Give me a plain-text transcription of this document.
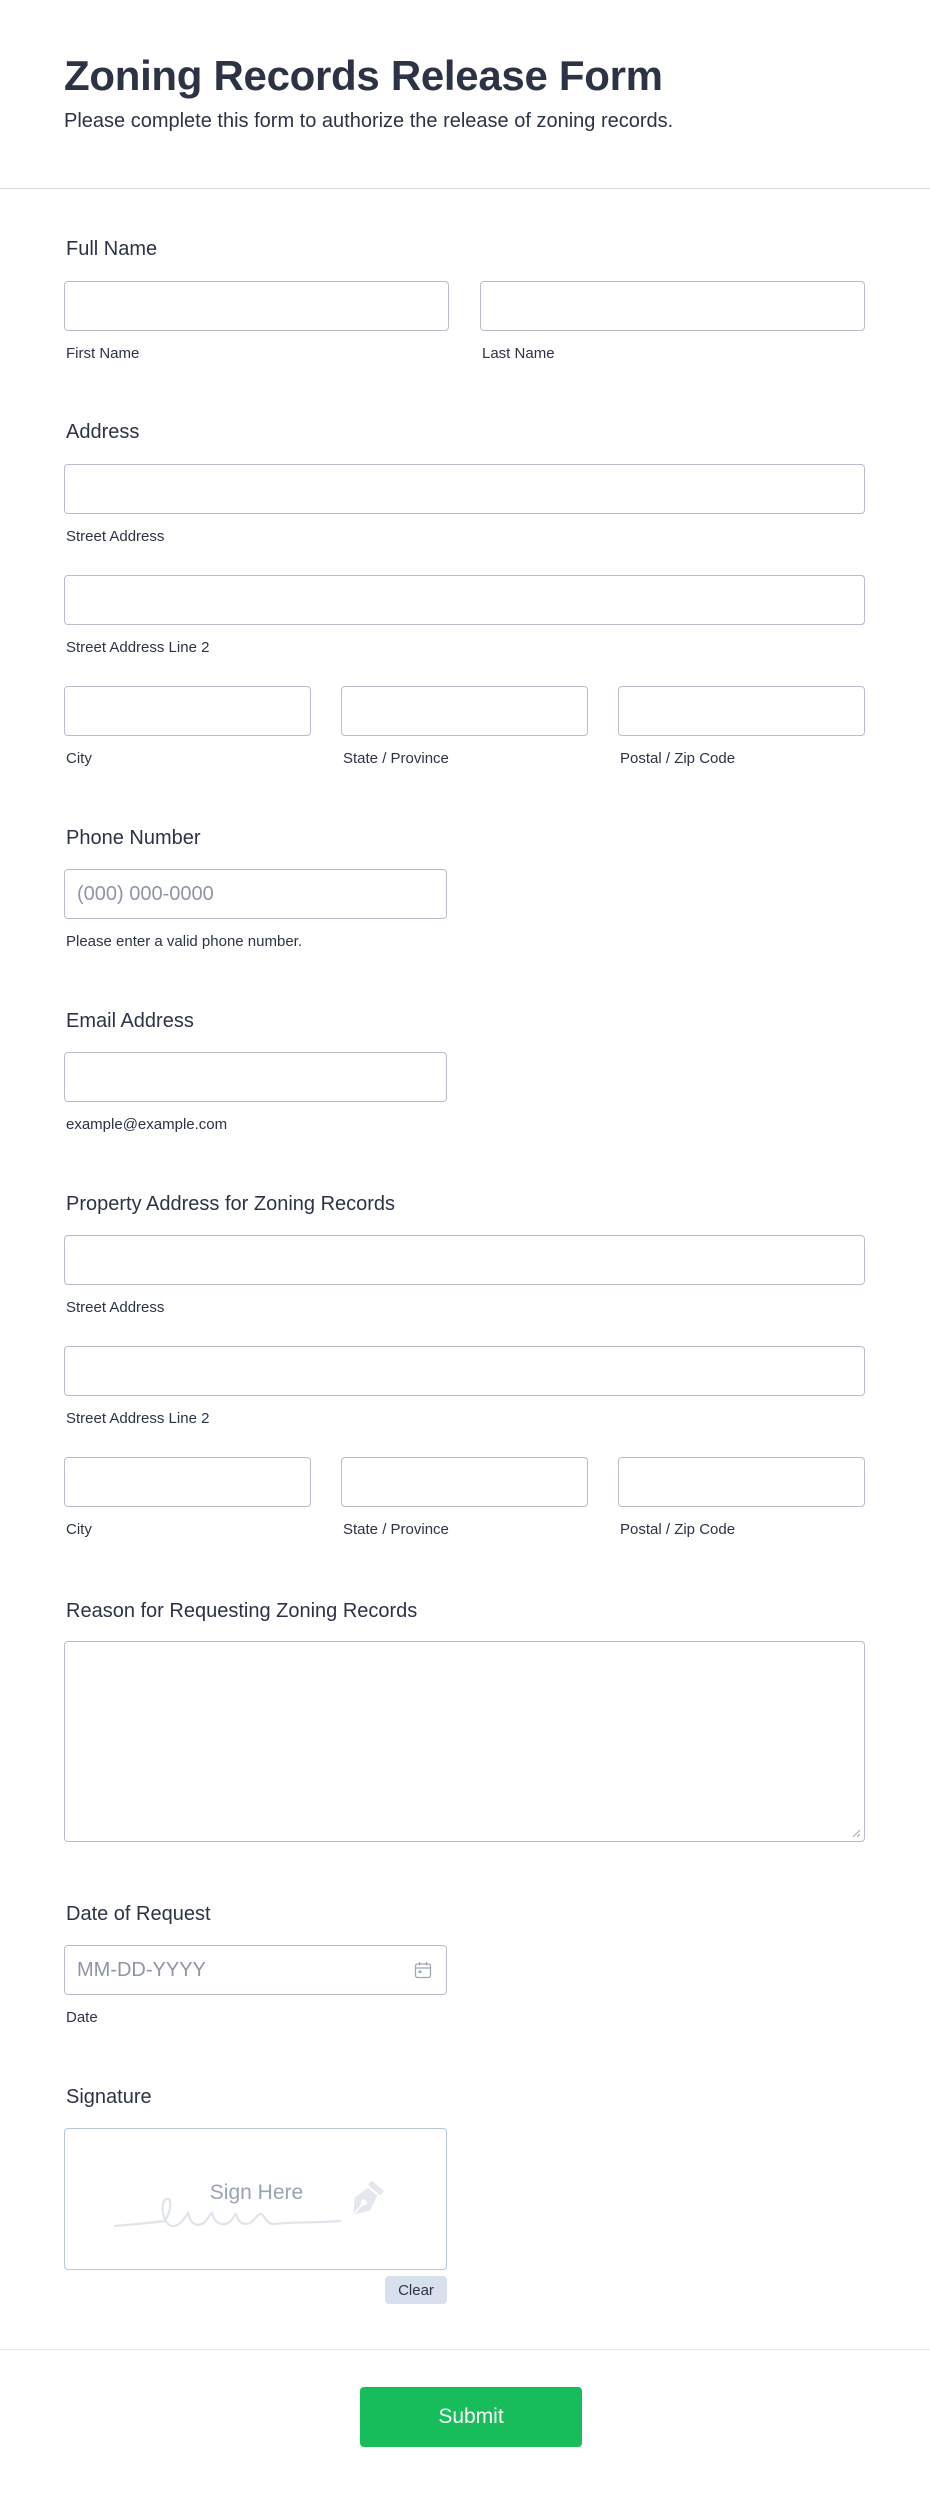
Zoning Records Release Form

Please complete this form to authorize the release of zoning records.

Full Name
First Name	Last Name
Address
Street Address
Street Address Line 2
City	State / Province	Postal / Zip Code
Phone Number
(000) 000-0000
Please enter a valid phone number.
Email Address
example@example.com
Property Address for Zoning Records
Street Address
Street Address Line 2
City	State / Province	Postal / Zip Code
Reason for Requesting Zoning Records
Date of Request
MM-DD-YYYY
Date
Signature
Sign Here
Clear
Submit
